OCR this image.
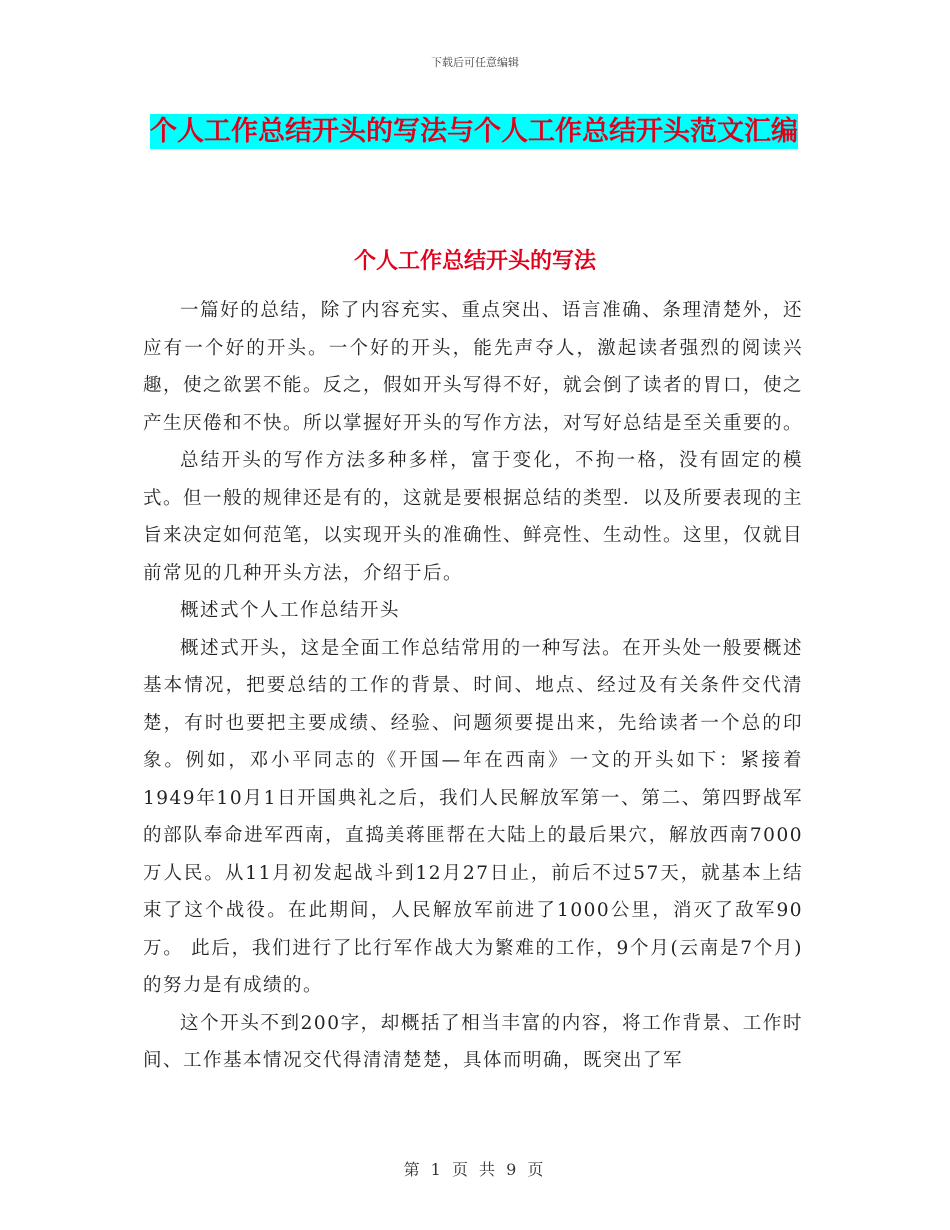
下载后可任意编辑
个人工作总结开头的写法与个人工作总结开头范文汇编
个人工作总结开头的写法

一篇好的总结，除了内容充实、重点突出、语言准确、条理清楚外，还应有一个好的开头。一个好的开头，能先声夺人，激起读者强烈的阅读兴趣，使之欲罢不能。反之，假如开头写得不好，就会倒了读者的胃口，使之产生厌倦和不快。所以掌握好开头的写作方法，对写好总结是至关重要的。

总结开头的写作方法多种多样，富于变化，不拘一格，没有固定的模式。但一般的规律还是有的，这就是要根据总结的类型．以及所要表现的主旨来决定如何范笔，以实现开头的准确性、鲜亮性、生动性。这里，仅就目前常见的几种开头方法，介绍于后。

概述式个人工作总结开头

概述式开头，这是全面工作总结常用的一种写法。在开头处一般要概述基本情况，把要总结的工作的背景、时间、地点、经过及有关条件交代清楚，有时也要把主要成绩、经验、问题须要提出来，先给读者一个总的印象。例如，邓小平同志的《开国—年在西南》一文的开头如下：紧接着1949年10月1日开国典礼之后，我们人民解放军第一、第二、第四野战军的部队奉命进军西南，直捣美蒋匪帮在大陆上的最后果穴，解放西南7000万人民。从11月初发起战斗到12月27日止，前后不过57天，就基本上结束了这个战役。在此期间，人民解放军前进了1000公里，消灭了敌军90万。 此后，我们进行了比行军作战大为繁难的工作，9个月(云南是7个月)的努力是有成绩的。

这个开头不到200字，却概括了相当丰富的内容，将工作背景、工作时间、工作基本情况交代得清清楚楚，具体而明确，既突出了军

第 1 页 共 9 页
